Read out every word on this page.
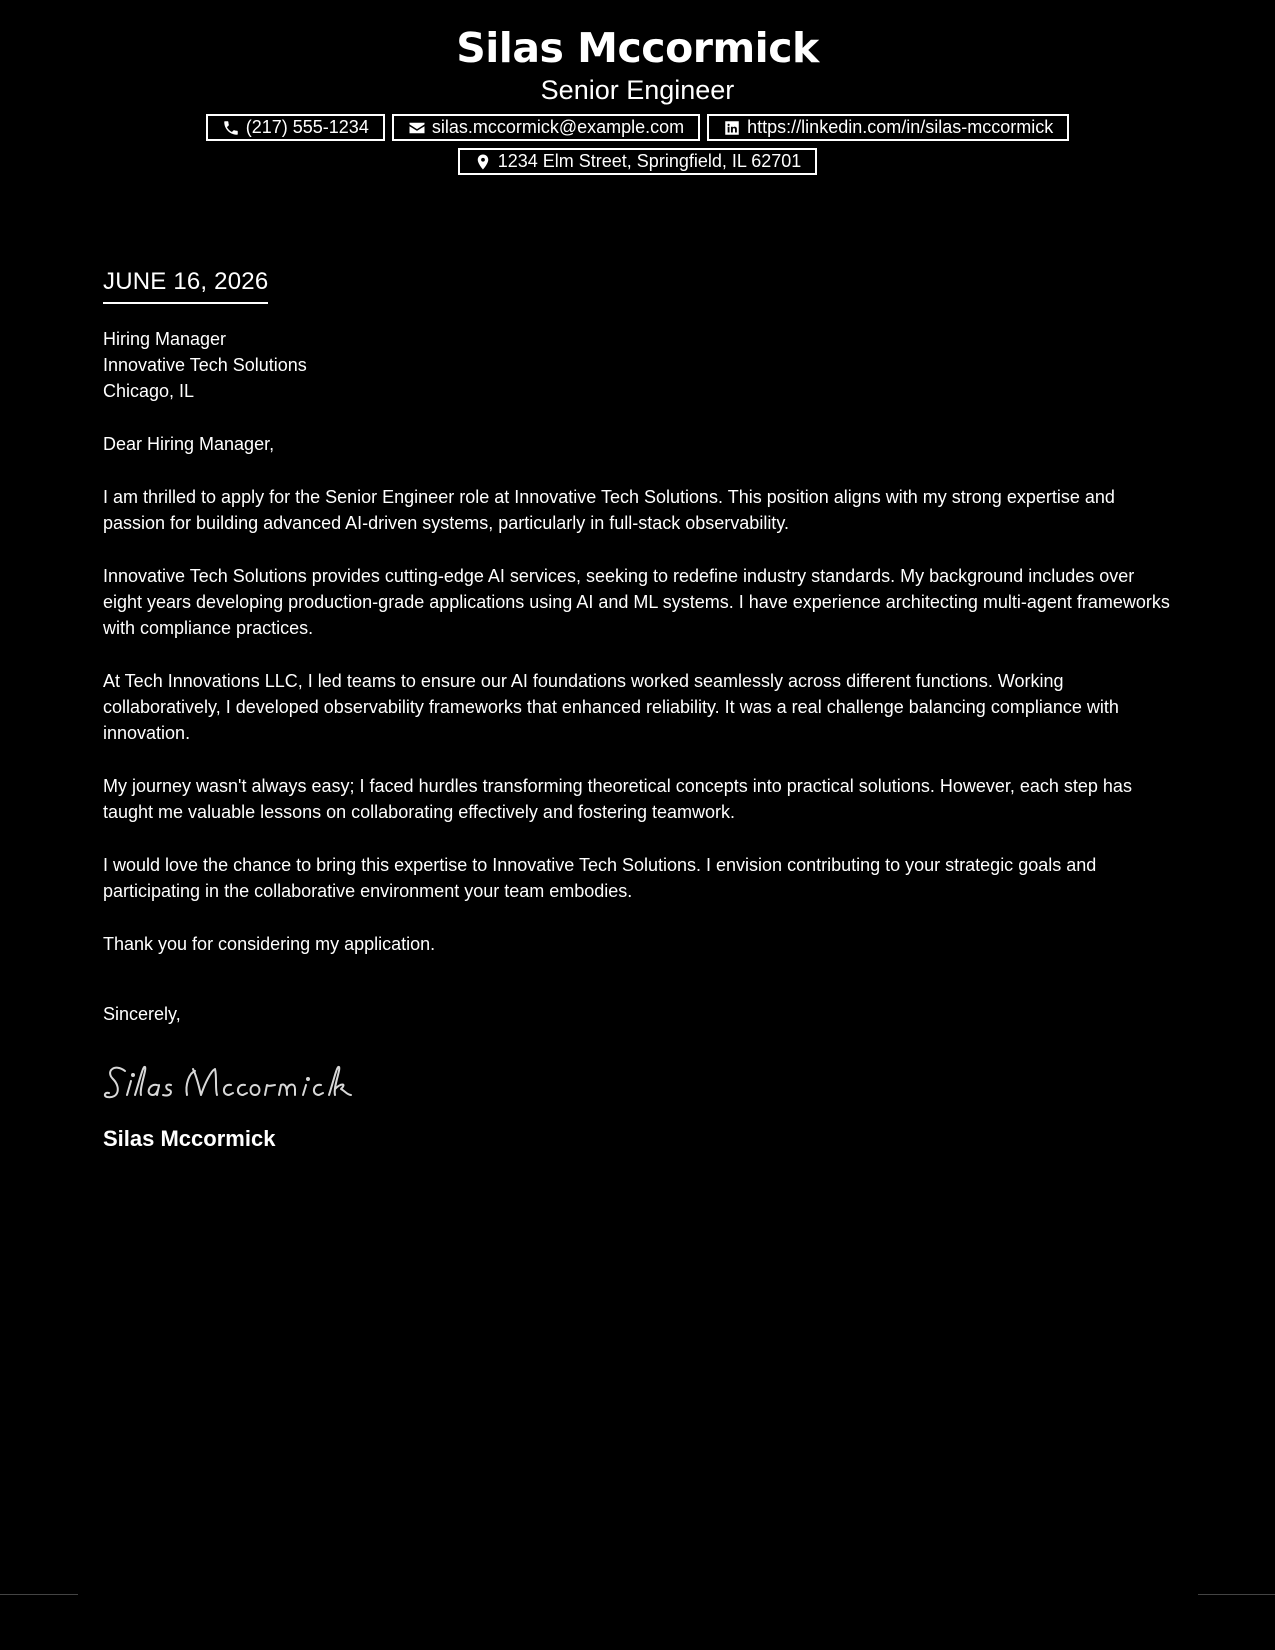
Silas Mccormick
Senior Engineer
(217) 555-1234	silas.mccormick@example.com	https://linkedin.com/in/silas-mccormick
1234 Elm Street, Springfield, IL 62701
JUNE 16, 2026
Hiring Manager
Innovative Tech Solutions
Chicago, IL
Dear Hiring Manager,
I am thrilled to apply for the Senior Engineer role at Innovative Tech Solutions. This position aligns with my strong expertise and passion for building advanced AI-driven systems, particularly in full-stack observability.
Innovative Tech Solutions provides cutting-edge AI services, seeking to redefine industry standards. My background includes over eight years developing production-grade applications using AI and ML systems. I have experience architecting multi-agent frameworks with compliance practices.
At Tech Innovations LLC, I led teams to ensure our AI foundations worked seamlessly across different functions. Working collaboratively, I developed observability frameworks that enhanced reliability. It was a real challenge balancing compliance with innovation.
My journey wasn't always easy; I faced hurdles transforming theoretical concepts into practical solutions. However, each step has taught me valuable lessons on collaborating effectively and fostering teamwork.
I would love the chance to bring this expertise to Innovative Tech Solutions. I envision contributing to your strategic goals and participating in the collaborative environment your team embodies.
Thank you for considering my application.
Sincerely,
Silas Mccormick
